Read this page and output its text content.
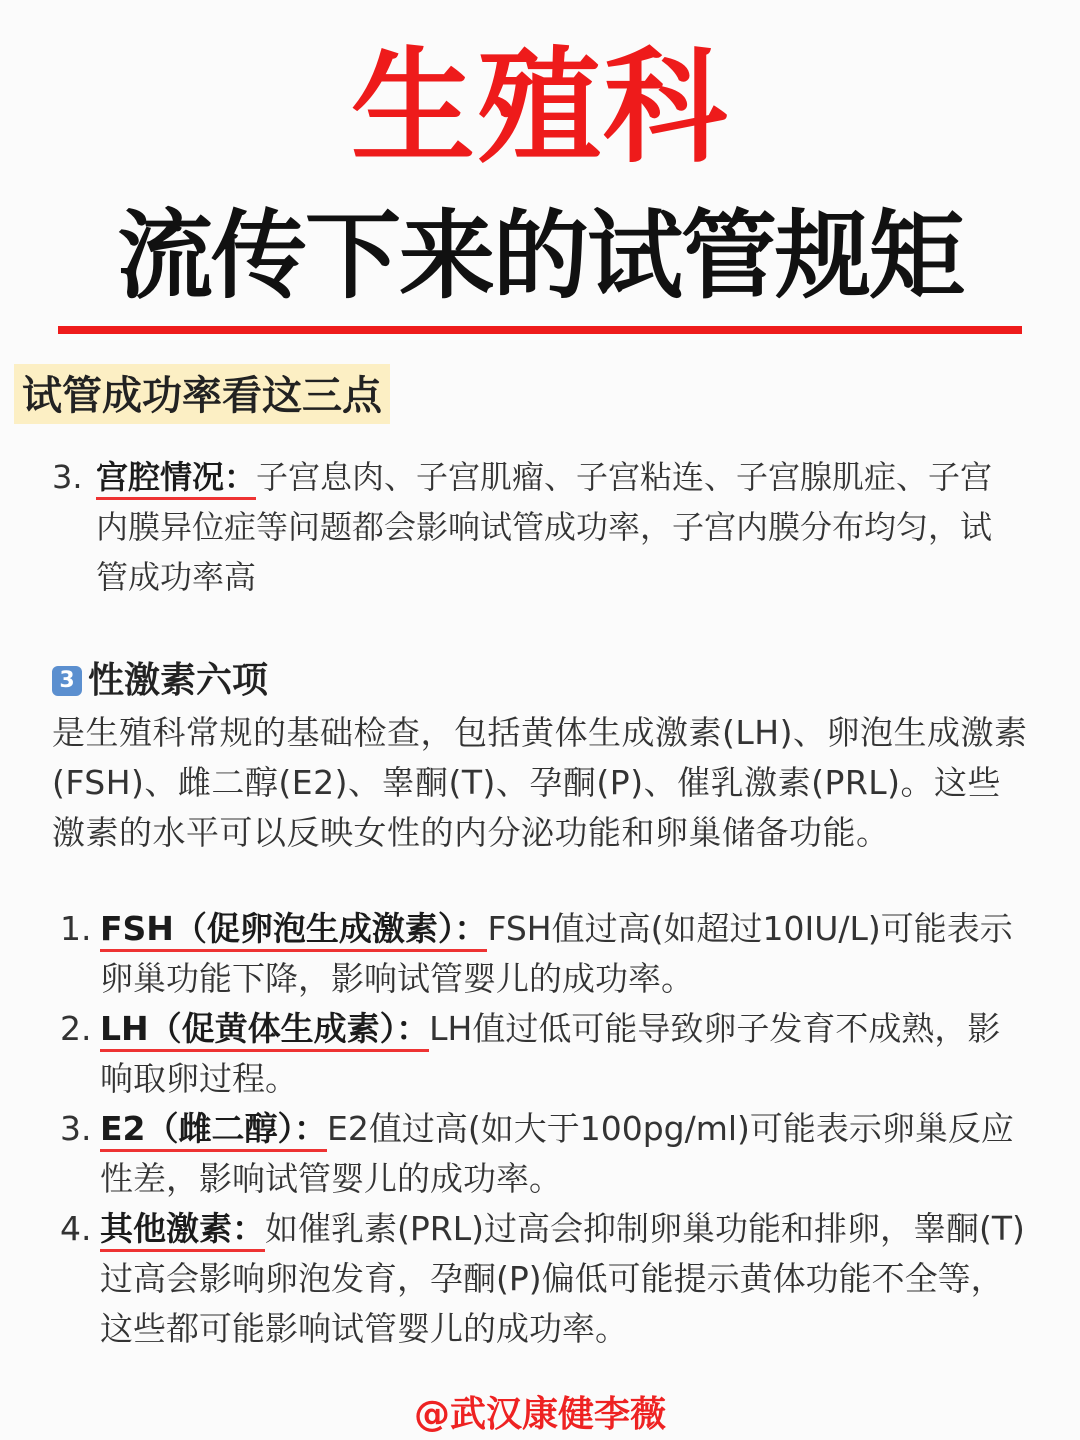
生殖科
流传下来的试管规矩
试管成功率看这三点
3. 宫腔情况：子宫息肉、子宫肌瘤、子宫粘连、子宫腺肌症、子宫内膜异位症等问题都会影响试管成功率，子宫内膜分布均匀，试管成功率高
3 性激素六项
是生殖科常规的基础检查，包括黄体生成激素(LH)、卵泡生成激素(FSH)、雌二醇(E2)、睾酮(T)、孕酮(P)、催乳激素(PRL)。这些激素的水平可以反映女性的内分泌功能和卵巢储备功能。
1. FSH（促卵泡生成激素）：FSH值过高(如超过10IU/L)可能表示卵巢功能下降，影响试管婴儿的成功率。
2. LH（促黄体生成素）：LH值过低可能导致卵子发育不成熟，影响取卵过程。
3. E2（雌二醇）：E2值过高(如大于100pg/ml)可能表示卵巢反应性差，影响试管婴儿的成功率。
4. 其他激素：如催乳素(PRL)过高会抑制卵巢功能和排卵，睾酮(T)过高会影响卵泡发育，孕酮(P)偏低可能提示黄体功能不全等，这些都可能影响试管婴儿的成功率。
@武汉康健李薇
